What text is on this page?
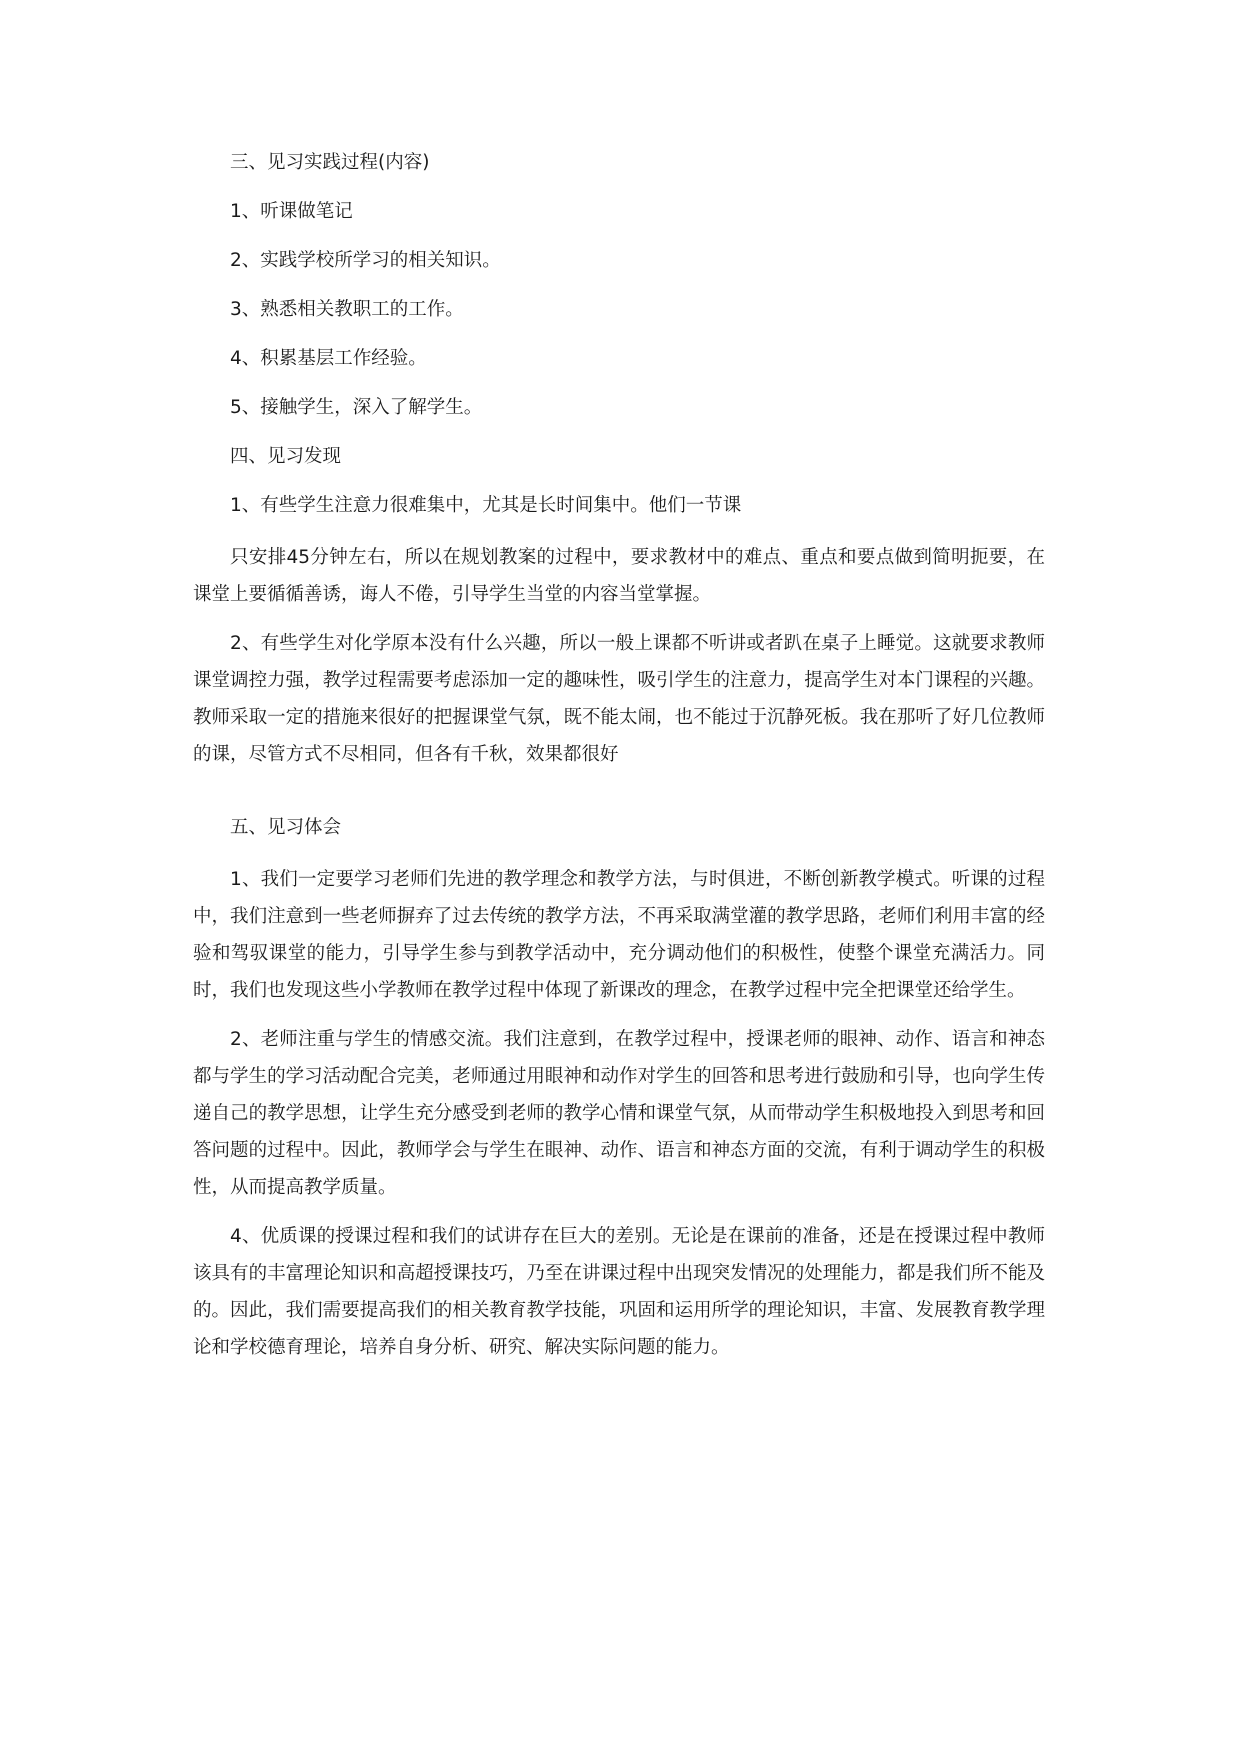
三、见习实践过程(内容)
1、听课做笔记
2、实践学校所学习的相关知识。
3、熟悉相关教职工的工作。
4、积累基层工作经验。
5、接触学生，深入了解学生。
四、见习发现
1、有些学生注意力很难集中，尤其是长时间集中。他们一节课

只安排45分钟左右，所以在规划教案的过程中，要求教材中的难点、重点和要点做到简明扼要，在课堂上要循循善诱，诲人不倦，引导学生当堂的内容当堂掌握。

2、有些学生对化学原本没有什么兴趣，所以一般上课都不听讲或者趴在桌子上睡觉。这就要求教师课堂调控力强，教学过程需要考虑添加一定的趣味性，吸引学生的注意力，提高学生对本门课程的兴趣。教师采取一定的措施来很好的把握课堂气氛，既不能太闹，也不能过于沉静死板。我在那听了好几位教师的课，尽管方式不尽相同，但各有千秋，效果都很好

五、见习体会

1、我们一定要学习老师们先进的教学理念和教学方法，与时俱进，不断创新教学模式。听课的过程中，我们注意到一些老师摒弃了过去传统的教学方法，不再采取满堂灌的教学思路，老师们利用丰富的经验和驾驭课堂的能力，引导学生参与到教学活动中，充分调动他们的积极性，使整个课堂充满活力。同时，我们也发现这些小学教师在教学过程中体现了新课改的理念，在教学过程中完全把课堂还给学生。

2、老师注重与学生的情感交流。我们注意到，在教学过程中，授课老师的眼神、动作、语言和神态都与学生的学习活动配合完美，老师通过用眼神和动作对学生的回答和思考进行鼓励和引导，也向学生传递自己的教学思想，让学生充分感受到老师的教学心情和课堂气氛，从而带动学生积极地投入到思考和回答问题的过程中。因此，教师学会与学生在眼神、动作、语言和神态方面的交流，有利于调动学生的积极性，从而提高教学质量。

4、优质课的授课过程和我们的试讲存在巨大的差别。无论是在课前的准备，还是在授课过程中教师该具有的丰富理论知识和高超授课技巧，乃至在讲课过程中出现突发情况的处理能力，都是我们所不能及的。因此，我们需要提高我们的相关教育教学技能，巩固和运用所学的理论知识，丰富、发展教育教学理论和学校德育理论，培养自身分析、研究、解决实际问题的能力。
